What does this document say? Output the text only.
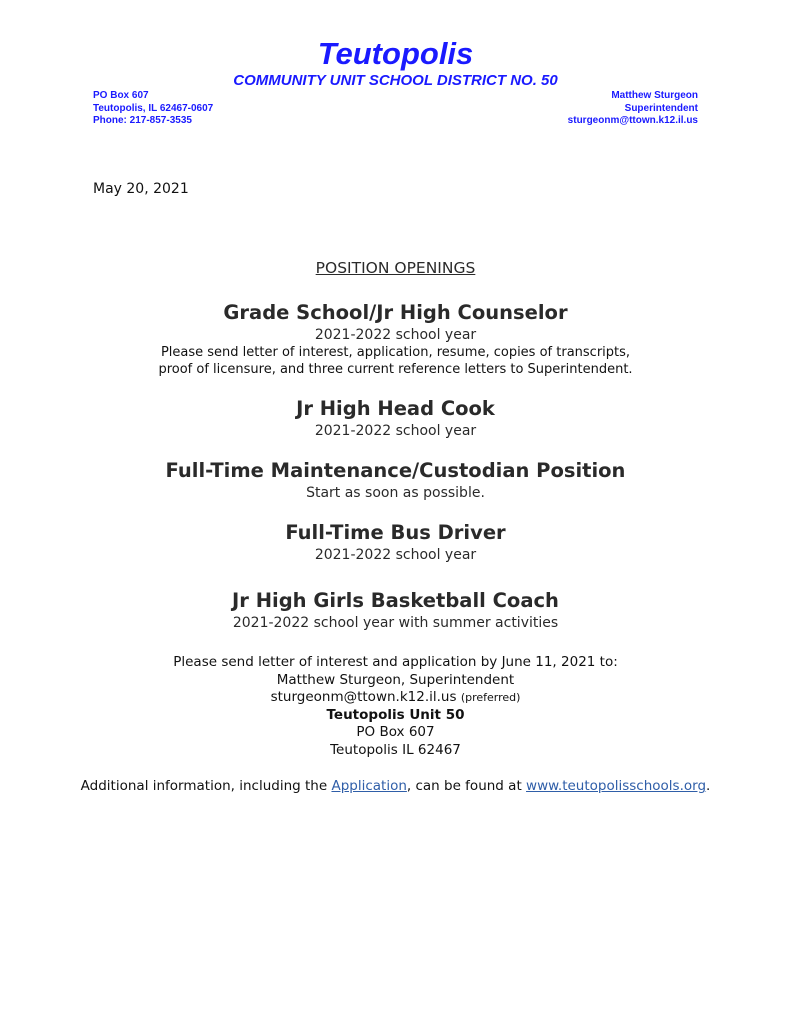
Teutopolis
COMMUNITY UNIT SCHOOL DISTRICT NO. 50
PO Box 607
Teutopolis, IL 62467-0607
Phone: 217-857-3535
Matthew Sturgeon
Superintendent
sturgeonm@ttown.k12.il.us
May 20, 2021

POSITION OPENINGS

Grade School/Jr High Counselor

2021-2022 school year

Please send letter of interest, application, resume, copies of transcripts,

proof of licensure, and three current reference letters to Superintendent.

Jr High Head Cook

2021-2022 school year

Full-Time Maintenance/Custodian Position

Start as soon as possible.

Full-Time Bus Driver

2021-2022 school year

Jr High Girls Basketball Coach

2021-2022 school year with summer activities

Please send letter of interest and application by June 11, 2021 to:

Matthew Sturgeon, Superintendent

sturgeonm@ttown.k12.il.us (preferred)

Teutopolis Unit 50

PO Box 607

Teutopolis IL 62467

Additional information, including the Application, can be found at www.teutopolisschools.org.
